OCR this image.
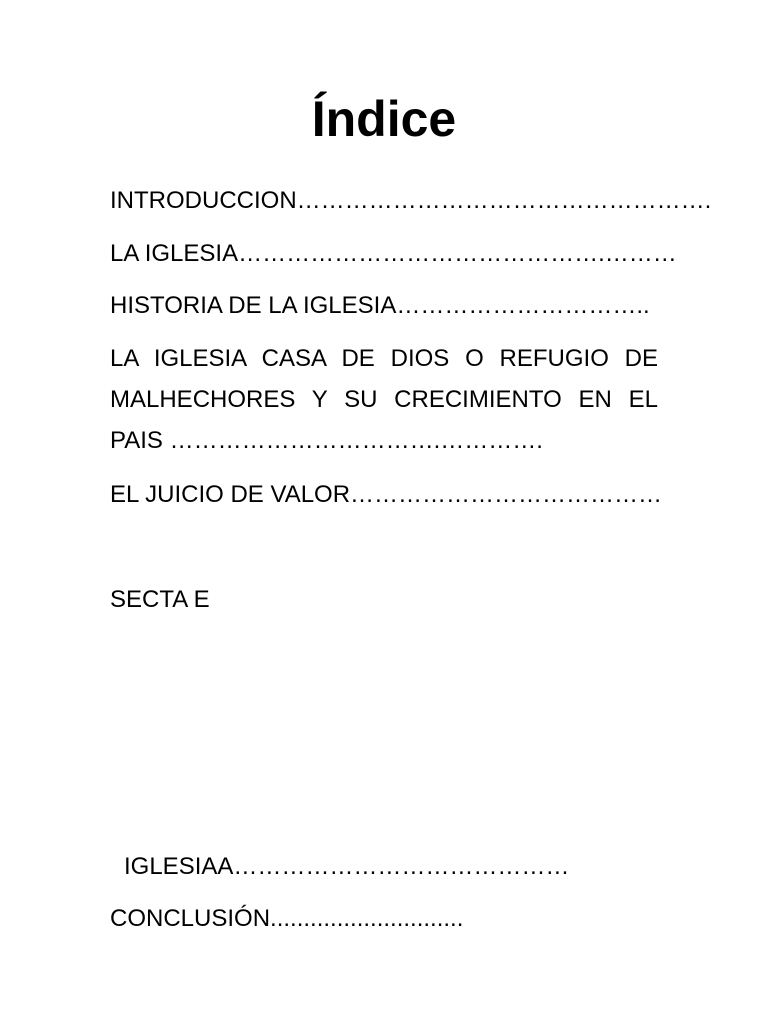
Índice

INTRODUCCION…………………………………………….

LA IGLESIA……………………………………….………

HISTORIA DE LA IGLESIA…………………………..

LA IGLESIA CASA DE DIOS O REFUGIO DE MALHECHORES Y SU CRECIMIENTO EN EL PAIS …………………………….………….

EL JUICIO DE VALOR…………………………………

SECTA E

IGLESIAA……………………………………

CONCLUSIÓN.............................
